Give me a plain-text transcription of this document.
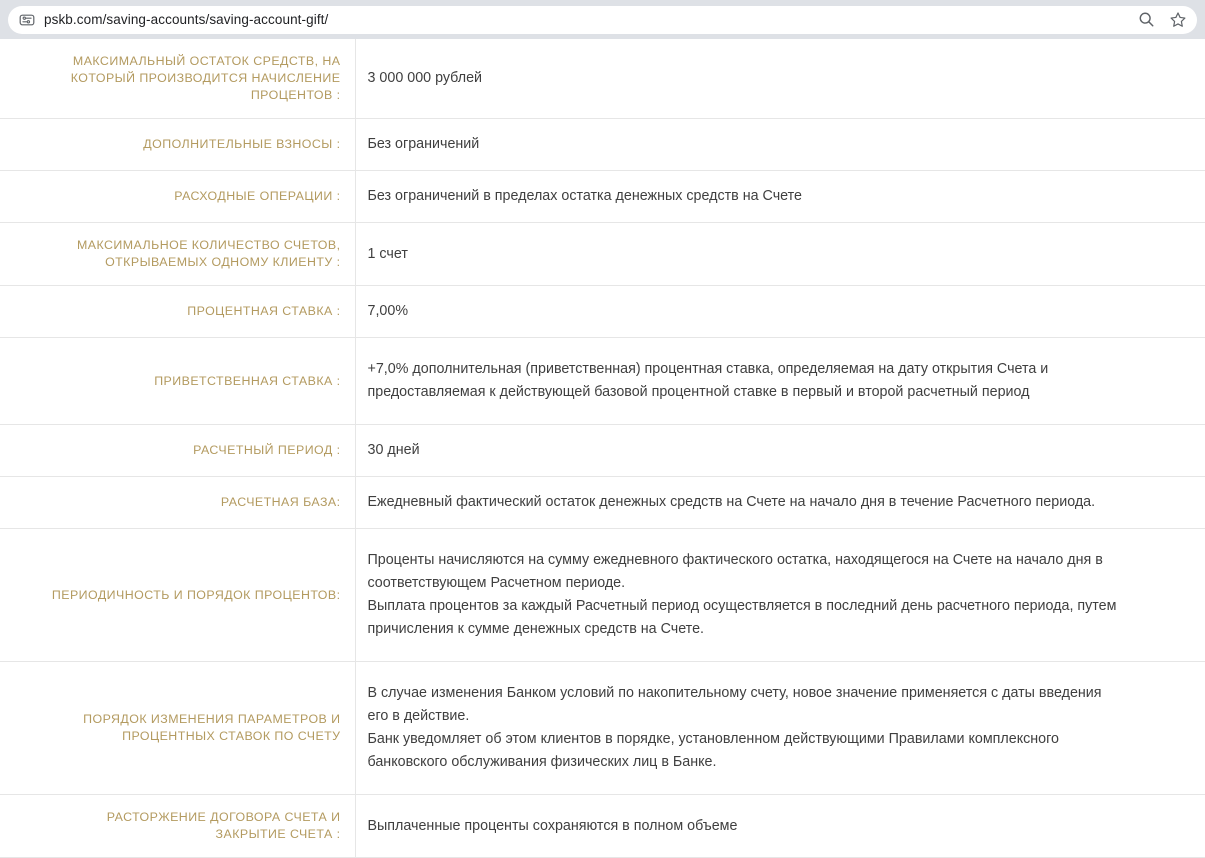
pskb.com/saving-accounts/saving-account-gift/
МАКСИМАЛЬНЫЙ ОСТАТОК СРЕДСТВ, НА КОТОРЫЙ ПРОИЗВОДИТСЯ НАЧИСЛЕНИЕ ПРОЦЕНТОВ :	3 000 000 рублей

ДОПОЛНИТЕЛЬНЫЕ ВЗНОСЫ :	Без ограничений

РАСХОДНЫЕ ОПЕРАЦИИ :	Без ограничений в пределах остатка денежных средств на Счете

МАКСИМАЛЬНОЕ КОЛИЧЕСТВО СЧЕТОВ, ОТКРЫВАЕМЫХ ОДНОМУ КЛИЕНТУ :	1 счет

ПРОЦЕНТНАЯ СТАВКА :	7,00%

ПРИВЕТСТВЕННАЯ СТАВКА :	+7,0% дополнительная (приветственная) процентная ставка, определяемая на дату открытия Счета и предоставляемая к действующей базовой процентной ставке в первый и второй расчетный период

РАСЧЕТНЫЙ ПЕРИОД :	30 дней

РАСЧЕТНАЯ БАЗА:	Ежедневный фактический остаток денежных средств на Счете на начало дня в течение Расчетного периода.

ПЕРИОДИЧНОСТЬ И ПОРЯДОК ПРОЦЕНТОВ:	Проценты начисляются на сумму ежедневного фактического остатка, находящегося на Счете на начало дня в соответствующем Расчетном периоде.

Выплата процентов за каждый Расчетный период осуществляется в последний день расчетного периода, путем причисления к сумме денежных средств на Счете.

ПОРЯДОК ИЗМЕНЕНИЯ ПАРАМЕТРОВ И ПРОЦЕНТНЫХ СТАВОК ПО СЧЕТУ	В случае изменения Банком условий по накопительному счету, новое значение применяется с даты введения его в действие.

Банк уведомляет об этом клиентов в порядке, установленном действующими Правилами комплексного банковского обслуживания физических лиц в Банке.

РАСТОРЖЕНИЕ ДОГОВОРА СЧЕТА И ЗАКРЫТИЕ СЧЕТА :	Выплаченные проценты сохраняются в полном объеме
